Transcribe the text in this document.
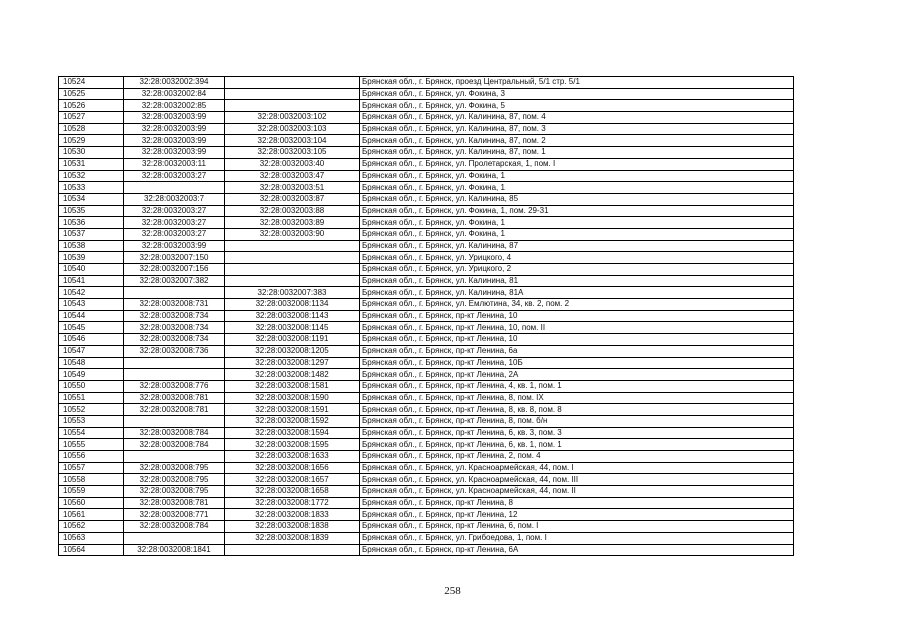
10524	32:28:0032002:394		Брянская обл., г. Брянск, проезд Центральный, 5/1 стр. 5/1
10525	32:28:0032002:84		Брянская обл., г. Брянск, ул. Фокина, 3
10526	32:28:0032002:85		Брянская обл., г. Брянск, ул. Фокина, 5
10527	32:28:0032003:99	32:28:0032003:102	Брянская обл., г. Брянск, ул. Калинина, 87, пом. 4
10528	32:28:0032003:99	32:28:0032003:103	Брянская обл., г. Брянск, ул. Калинина, 87, пом. 3
10529	32:28:0032003:99	32:28:0032003:104	Брянская обл., г. Брянск, ул. Калинина, 87, пом. 2
10530	32:28:0032003:99	32:28:0032003:105	Брянская обл., г. Брянск, ул. Калинина, 87, пом. 1
10531	32:28:0032003:11	32:28:0032003:40	Брянская обл., г. Брянск, ул. Пролетарская, 1, пом. I
10532	32:28:0032003:27	32:28:0032003:47	Брянская обл., г. Брянск, ул. Фокина, 1
10533		32:28:0032003:51	Брянская обл., г. Брянск, ул. Фокина, 1
10534	32:28:0032003:7	32:28:0032003:87	Брянская обл., г. Брянск, ул. Калинина, 85
10535	32:28:0032003:27	32:28:0032003:88	Брянская обл., г. Брянск, ул. Фокина, 1, пом. 29-31
10536	32:28:0032003:27	32:28:0032003:89	Брянская обл., г. Брянск, ул. Фокина, 1
10537	32:28:0032003:27	32:28:0032003:90	Брянская обл., г. Брянск, ул. Фокина, 1
10538	32:28:0032003:99		Брянская обл., г. Брянск, ул. Калинина, 87
10539	32:28:0032007:150		Брянская обл., г. Брянск, ул. Урицкого, 4
10540	32:28:0032007:156		Брянская обл., г. Брянск, ул. Урицкого, 2
10541	32:28:0032007:382		Брянская обл., г. Брянск, ул. Калинина, 81
10542		32:28:0032007:383	Брянская обл., г. Брянск, ул. Калинина, 81А
10543	32:28:0032008:731	32:28:0032008:1134	Брянская обл., г. Брянск, ул. Емлютина, 34, кв. 2, пом. 2
10544	32:28:0032008:734	32:28:0032008:1143	Брянская обл., г. Брянск, пр-кт Ленина, 10
10545	32:28:0032008:734	32:28:0032008:1145	Брянская обл., г. Брянск, пр-кт Ленина, 10, пом. II
10546	32:28:0032008:734	32:28:0032008:1191	Брянская обл., г. Брянск, пр-кт Ленина, 10
10547	32:28:0032008:736	32:28:0032008:1205	Брянская обл., г. Брянск, пр-кт Ленина, 6а
10548		32:28:0032008:1297	Брянская обл., г. Брянск, пр-кт Ленина, 10Б
10549		32:28:0032008:1482	Брянская обл., г. Брянск, пр-кт Ленина, 2А
10550	32:28:0032008:776	32:28:0032008:1581	Брянская обл., г. Брянск, пр-кт Ленина, 4, кв. 1, пом. 1
10551	32:28:0032008:781	32:28:0032008:1590	Брянская обл., г. Брянск, пр-кт Ленина, 8, пом. IX
10552	32:28:0032008:781	32:28:0032008:1591	Брянская обл., г. Брянск, пр-кт Ленина, 8, кв. 8, пом. 8
10553		32:28:0032008:1592	Брянская обл., г. Брянск, пр-кт Ленина, 8, пом. б/н
10554	32:28:0032008:784	32:28:0032008:1594	Брянская обл., г. Брянск, пр-кт Ленина, 6, кв. 3, пом. 3
10555	32:28:0032008:784	32:28:0032008:1595	Брянская обл., г. Брянск, пр-кт Ленина, 6, кв. 1, пом. 1
10556		32:28:0032008:1633	Брянская обл., г. Брянск, пр-кт Ленина, 2, пом. 4
10557	32:28:0032008:795	32:28:0032008:1656	Брянская обл., г. Брянск, ул. Красноармейская, 44, пом. I
10558	32:28:0032008:795	32:28:0032008:1657	Брянская обл., г. Брянск, ул. Красноармейская, 44, пом. III
10559	32:28:0032008:795	32:28:0032008:1658	Брянская обл., г. Брянск, ул. Красноармейская, 44, пом. II
10560	32:28:0032008:781	32:28:0032008:1772	Брянская обл., г. Брянск, пр-кт Ленина, 8
10561	32:28:0032008:771	32:28:0032008:1833	Брянская обл., г. Брянск, пр-кт Ленина, 12
10562	32:28:0032008:784	32:28:0032008:1838	Брянская обл., г. Брянск, пр-кт Ленина, 6, пом. I
10563		32:28:0032008:1839	Брянская обл., г. Брянск, ул. Грибоедова, 1, пом. I
10564	32:28:0032008:1841		Брянская обл., г. Брянск, пр-кт Ленина, 6А
258
